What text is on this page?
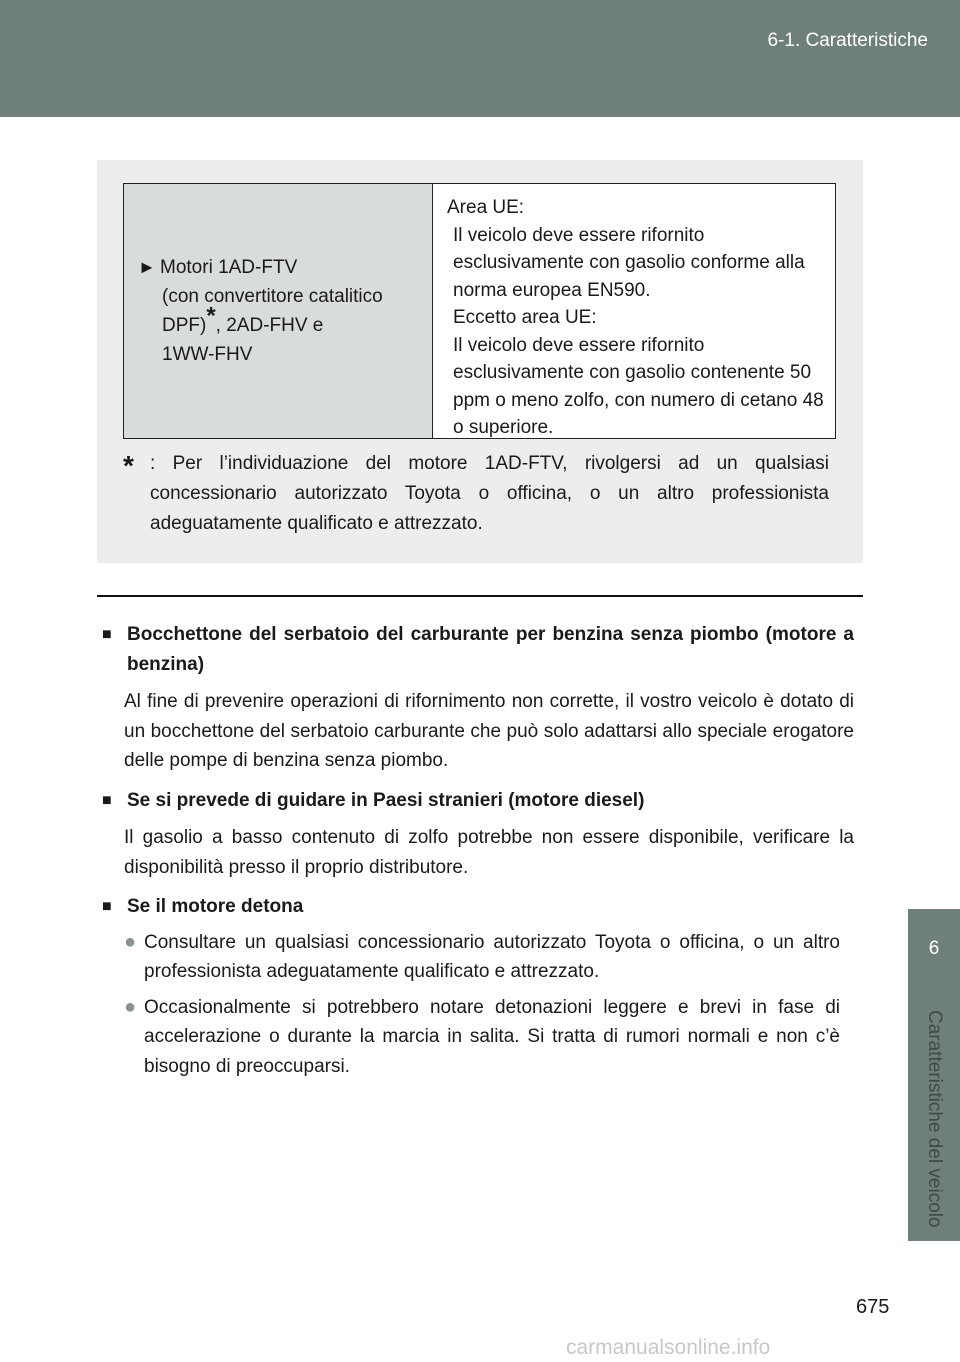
6-1. Caratteristiche
6
Caratteristiche del veicolo
► Motori 1AD-FTV
(con convertitore catalitico
DPF)*, 2AD-FHV e
1WW-FHV
Area UE:
Il veicolo deve essere rifornito esclusivamente con gasolio conforme alla norma europea EN590.
Eccetto area UE:
Il veicolo deve essere rifornito esclusivamente con gasolio contenente 50 ppm o meno zolfo, con numero di cetano 48 o superiore.
* : Per l’individuazione del motore 1AD-FTV, rivolgersi ad un qualsiasi concessionario autorizzato Toyota o officina, o un altro professionista adeguatamente qualificato e attrezzato.
■ Bocchettone del serbatoio del carburante per benzina senza piombo (motore a benzina)
Al fine di prevenire operazioni di rifornimento non corrette, il vostro veicolo è dotato di un bocchettone del serbatoio carburante che può solo adattarsi allo speciale erogatore delle pompe di benzina senza piombo.
■ Se si prevede di guidare in Paesi stranieri (motore diesel)
Il gasolio a basso contenuto di zolfo potrebbe non essere disponibile, verificare la disponibilità presso il proprio distributore.
■ Se il motore detona
● Consultare un qualsiasi concessionario autorizzato Toyota o officina, o un altro professionista adeguatamente qualificato e attrezzato.
● Occasionalmente si potrebbero notare detonazioni leggere e brevi in fase di accelerazione o durante la marcia in salita. Si tratta di rumori normali e non c’è bisogno di preoccuparsi.
675
carmanualsonline.info
